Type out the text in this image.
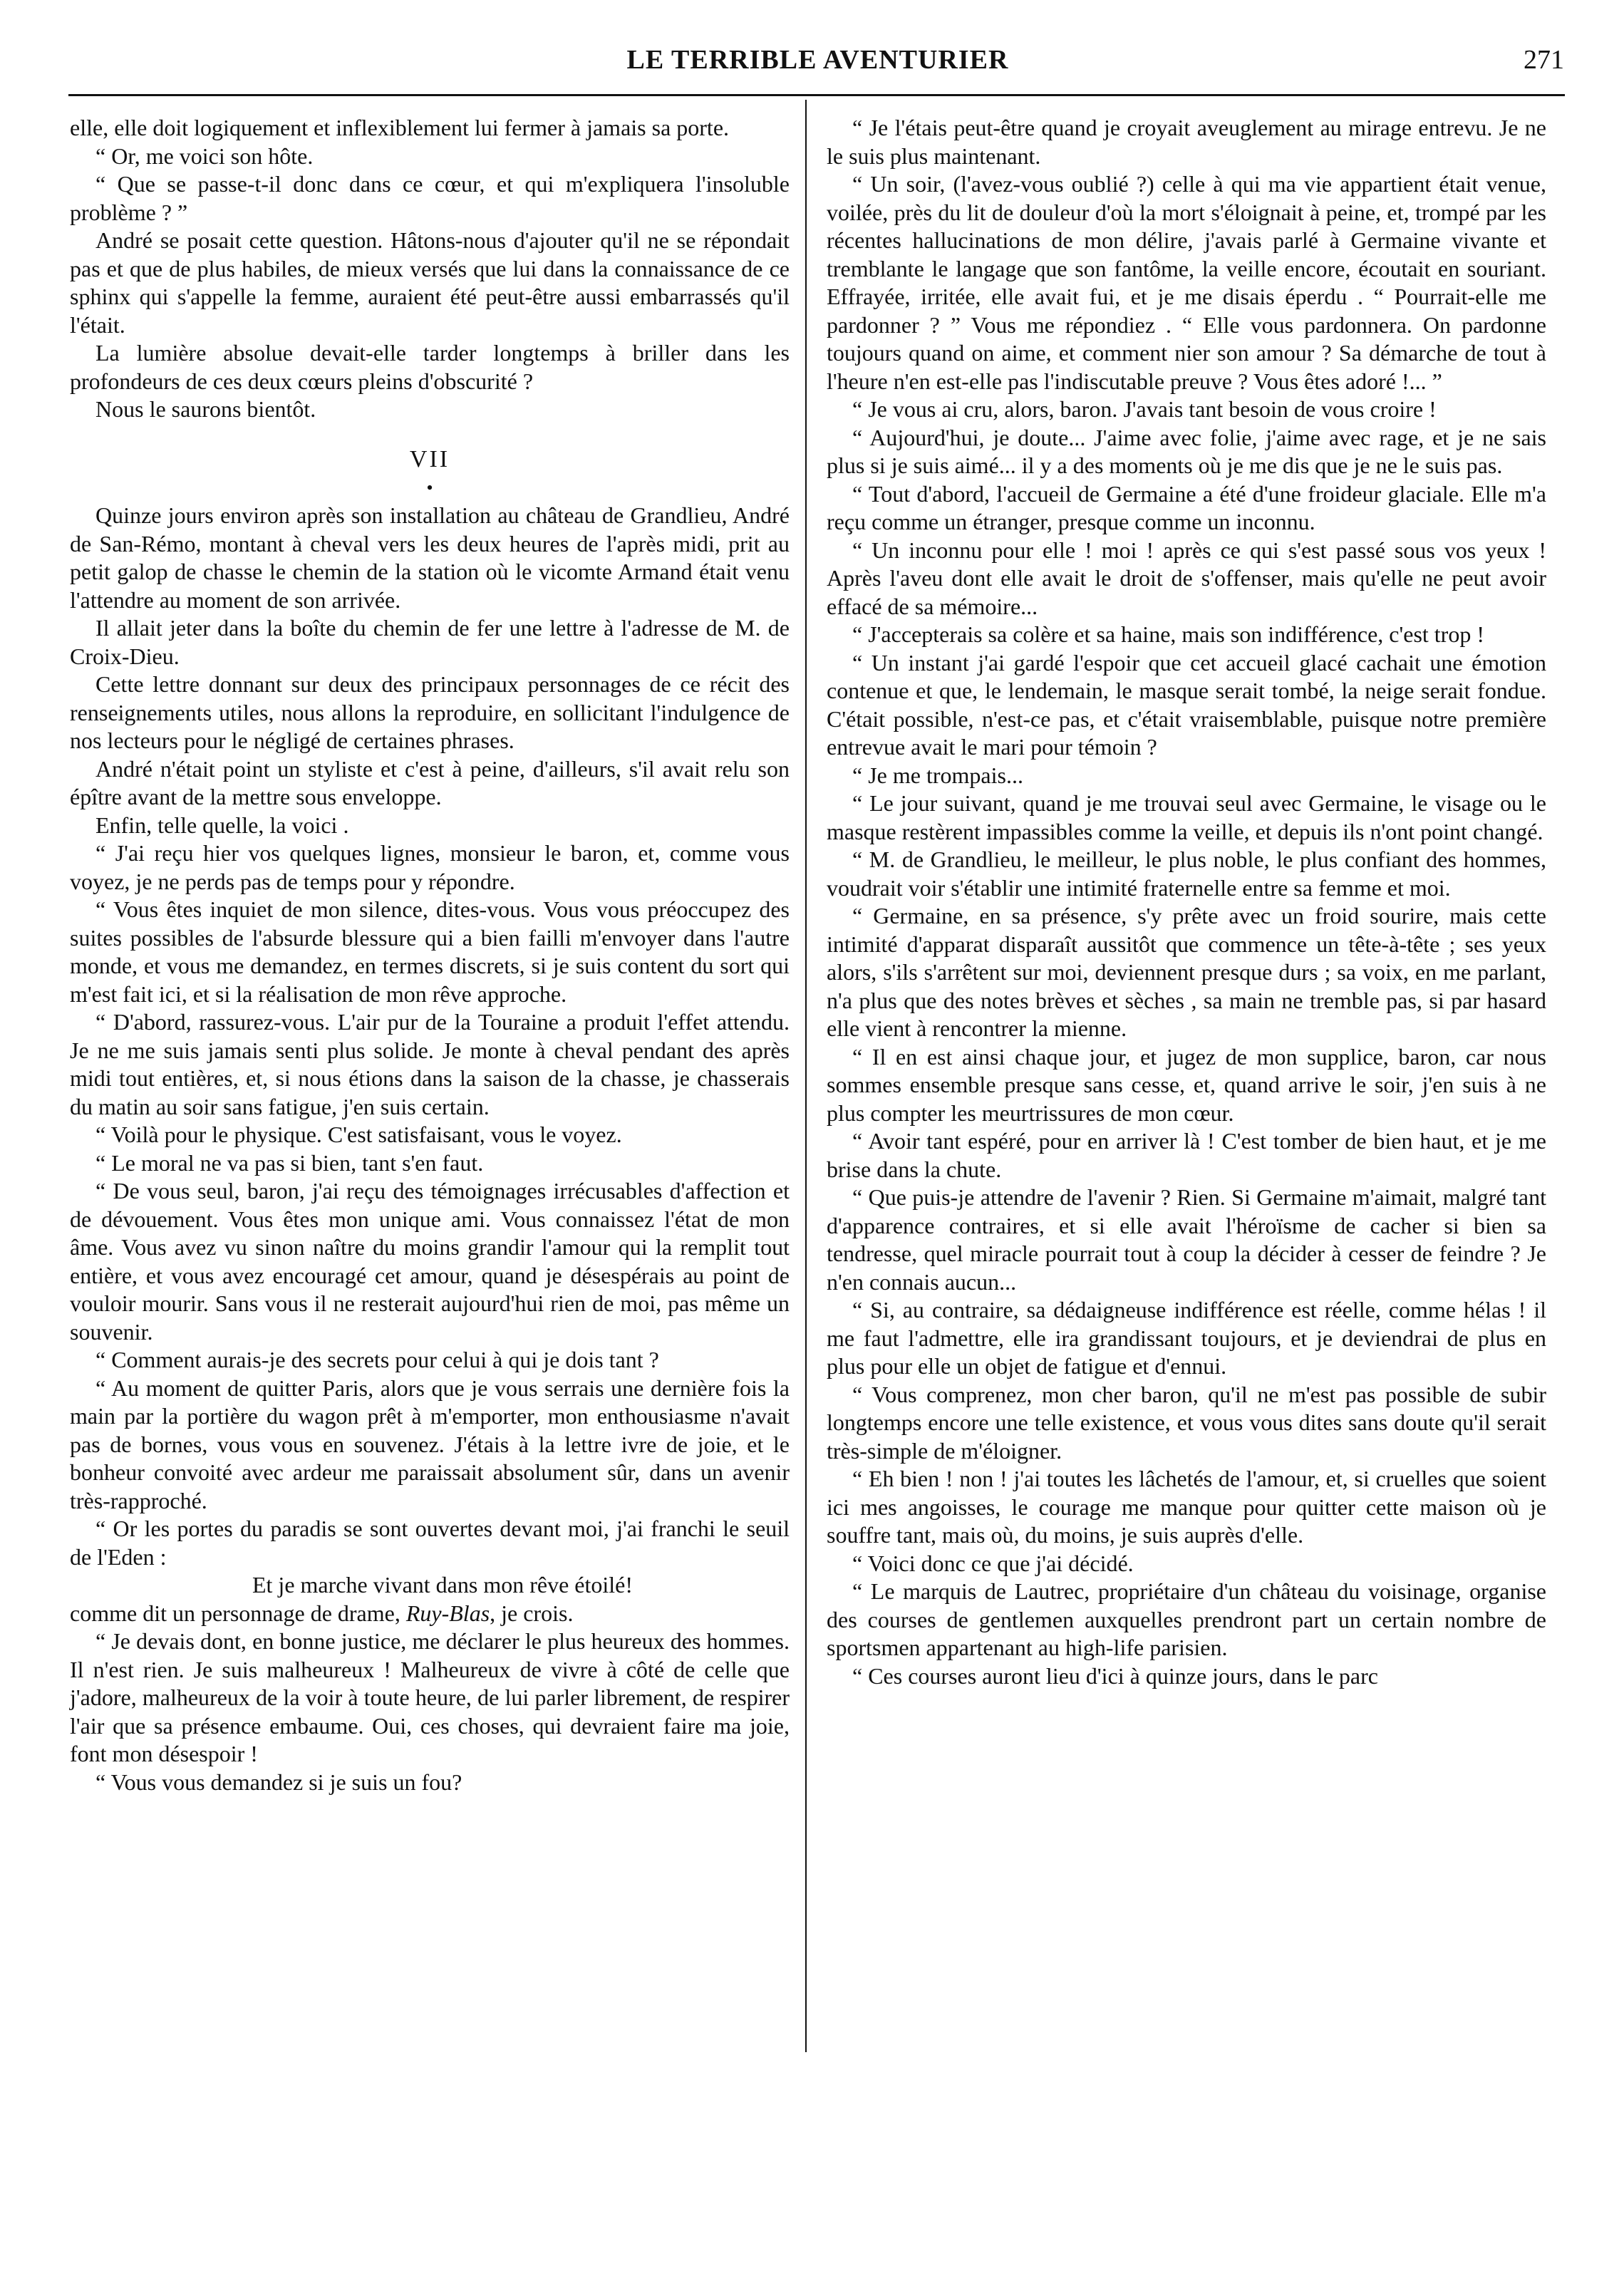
LE TERRIBLE AVENTURIER	271

elle, elle doit logiquement et inflexiblement lui fermer à jamais sa porte.

“ Or, me voici son hôte.

“ Que se passe-t-il donc dans ce cœur, et qui m'expliquera l'insoluble problème ? ”

André se posait cette question. Hâtons-nous d'ajouter qu'il ne se répondait pas et que de plus habiles, de mieux versés que lui dans la connaissance de ce sphinx qui s'appelle la femme, auraient été peut-être aussi embarrassés qu'il l'était.

La lumière absolue devait-elle tarder longtemps à briller dans les profondeurs de ces deux cœurs pleins d'obscurité ?

Nous le saurons bientôt.

VII
•

Quinze jours environ après son installation au château de Grandlieu, André de San-Rémo, montant à cheval vers les deux heures de l'après midi, prit au petit galop de chasse le chemin de la station où le vicomte Armand était venu l'attendre au moment de son arrivée.

Il allait jeter dans la boîte du chemin de fer une lettre à l'adresse de M. de Croix-Dieu.

Cette lettre donnant sur deux des principaux personnages de ce récit des renseignements utiles, nous allons la reproduire, en sollicitant l'indulgence de nos lecteurs pour le négligé de certaines phrases.

André n'était point un styliste et c'est à peine, d'ailleurs, s'il avait relu son épître avant de la mettre sous enveloppe.

Enfin, telle quelle, la voici .

“ J'ai reçu hier vos quelques lignes, monsieur le baron, et, comme vous voyez, je ne perds pas de temps pour y répondre.

“ Vous êtes inquiet de mon silence, dites-vous. Vous vous préoccupez des suites possibles de l'absurde blessure qui a bien failli m'envoyer dans l'autre monde, et vous me demandez, en termes discrets, si je suis content du sort qui m'est fait ici, et si la réalisation de mon rêve approche.

“ D'abord, rassurez-vous. L'air pur de la Touraine a produit l'effet attendu. Je ne me suis jamais senti plus solide. Je monte à cheval pendant des après midi tout entières, et, si nous étions dans la saison de la chasse, je chasserais du matin au soir sans fatigue, j'en suis certain.

“ Voilà pour le physique. C'est satisfaisant, vous le voyez.

“ Le moral ne va pas si bien, tant s'en faut.

“ De vous seul, baron, j'ai reçu des témoignages irrécusables d'affection et de dévouement. Vous êtes mon unique ami. Vous connaissez l'état de mon âme. Vous avez vu sinon naître du moins grandir l'amour qui la remplit tout entière, et vous avez encouragé cet amour, quand je désespérais au point de vouloir mourir. Sans vous il ne resterait aujourd'hui rien de moi, pas même un souvenir.

“ Comment aurais-je des secrets pour celui à qui je dois tant ?

“ Au moment de quitter Paris, alors que je vous serrais une dernière fois la main par la portière du wagon prêt à m'emporter, mon enthousiasme n'avait pas de bornes, vous vous en souvenez. J'étais à la lettre ivre de joie, et le bonheur convoité avec ardeur me paraissait absolument sûr, dans un avenir très-rapproché.

“ Or les portes du paradis se sont ouvertes devant moi, j'ai franchi le seuil de l'Eden :

Et je marche vivant dans mon rêve étoilé!

comme dit un personnage de drame, Ruy-Blas, je crois.

“ Je devais dont, en bonne justice, me déclarer le plus heureux des hommes. Il n'est rien. Je suis malheureux ! Malheureux de vivre à côté de celle que j'adore, malheureux de la voir à toute heure, de lui parler librement, de respirer l'air que sa présence embaume. Oui, ces choses, qui devraient faire ma joie, font mon désespoir !

“ Vous vous demandez si je suis un fou?

“ Je l'étais peut-être quand je croyait aveuglement au mirage entrevu. Je ne le suis plus maintenant.

“ Un soir, (l'avez-vous oublié ?) celle à qui ma vie appartient était venue, voilée, près du lit de douleur d'où la mort s'éloignait à peine, et, trompé par les récentes hallucinations de mon délire, j'avais parlé à Germaine vivante et tremblante le langage que son fantôme, la veille encore, écoutait en souriant. Effrayée, irritée, elle avait fui, et je me disais éperdu . “ Pourrait-elle me pardonner ? ” Vous me répondiez . “ Elle vous pardonnera. On pardonne toujours quand on aime, et comment nier son amour ? Sa démarche de tout à l'heure n'en est-elle pas l'indiscutable preuve ? Vous êtes adoré !... ”

“ Je vous ai cru, alors, baron. J'avais tant besoin de vous croire !

“ Aujourd'hui, je doute... J'aime avec folie, j'aime avec rage, et je ne sais plus si je suis aimé... il y a des moments où je me dis que je ne le suis pas.

“ Tout d'abord, l'accueil de Germaine a été d'une froideur glaciale. Elle m'a reçu comme un étranger, presque comme un inconnu.

“ Un inconnu pour elle ! moi ! après ce qui s'est passé sous vos yeux ! Après l'aveu dont elle avait le droit de s'offenser, mais qu'elle ne peut avoir effacé de sa mémoire...

“ J'accepterais sa colère et sa haine, mais son indifférence, c'est trop !

“ Un instant j'ai gardé l'espoir que cet accueil glacé cachait une émotion contenue et que, le lendemain, le masque serait tombé, la neige serait fondue. C'était possible, n'est-ce pas, et c'était vraisemblable, puisque notre première entrevue avait le mari pour témoin ?

“ Je me trompais...

“ Le jour suivant, quand je me trouvai seul avec Germaine, le visage ou le masque restèrent impassibles comme la veille, et depuis ils n'ont point changé.

“ M. de Grandlieu, le meilleur, le plus noble, le plus confiant des hommes, voudrait voir s'établir une intimité fraternelle entre sa femme et moi.

“ Germaine, en sa présence, s'y prête avec un froid sourire, mais cette intimité d'apparat disparaît aussitôt que commence un tête-à-tête ; ses yeux alors, s'ils s'arrêtent sur moi, deviennent presque durs ; sa voix, en me parlant, n'a plus que des notes brèves et sèches , sa main ne tremble pas, si par hasard elle vient à rencontrer la mienne.

“ Il en est ainsi chaque jour, et jugez de mon supplice, baron, car nous sommes ensemble presque sans cesse, et, quand arrive le soir, j'en suis à ne plus compter les meurtrissures de mon cœur.

“ Avoir tant espéré, pour en arriver là ! C'est tomber de bien haut, et je me brise dans la chute.

“ Que puis-je attendre de l'avenir ? Rien. Si Germaine m'aimait, malgré tant d'apparence contraires, et si elle avait l'héroïsme de cacher si bien sa tendresse, quel miracle pourrait tout à coup la décider à cesser de feindre ? Je n'en connais aucun...

“ Si, au contraire, sa dédaigneuse indifférence est réelle, comme hélas ! il me faut l'admettre, elle ira grandissant toujours, et je deviendrai de plus en plus pour elle un objet de fatigue et d'ennui.

“ Vous comprenez, mon cher baron, qu'il ne m'est pas possible de subir longtemps encore une telle existence, et vous vous dites sans doute qu'il serait très-simple de m'éloigner.

“ Eh bien ! non ! j'ai toutes les lâchetés de l'amour, et, si cruelles que soient ici mes angoisses, le courage me manque pour quitter cette maison où je souffre tant, mais où, du moins, je suis auprès d'elle.

“ Voici donc ce que j'ai décidé.

“ Le marquis de Lautrec, propriétaire d'un château du voisinage, organise des courses de gentlemen auxquelles prendront part un certain nombre de sportsmen appartenant au high-life parisien.

“ Ces courses auront lieu d'ici à quinze jours, dans le parc
